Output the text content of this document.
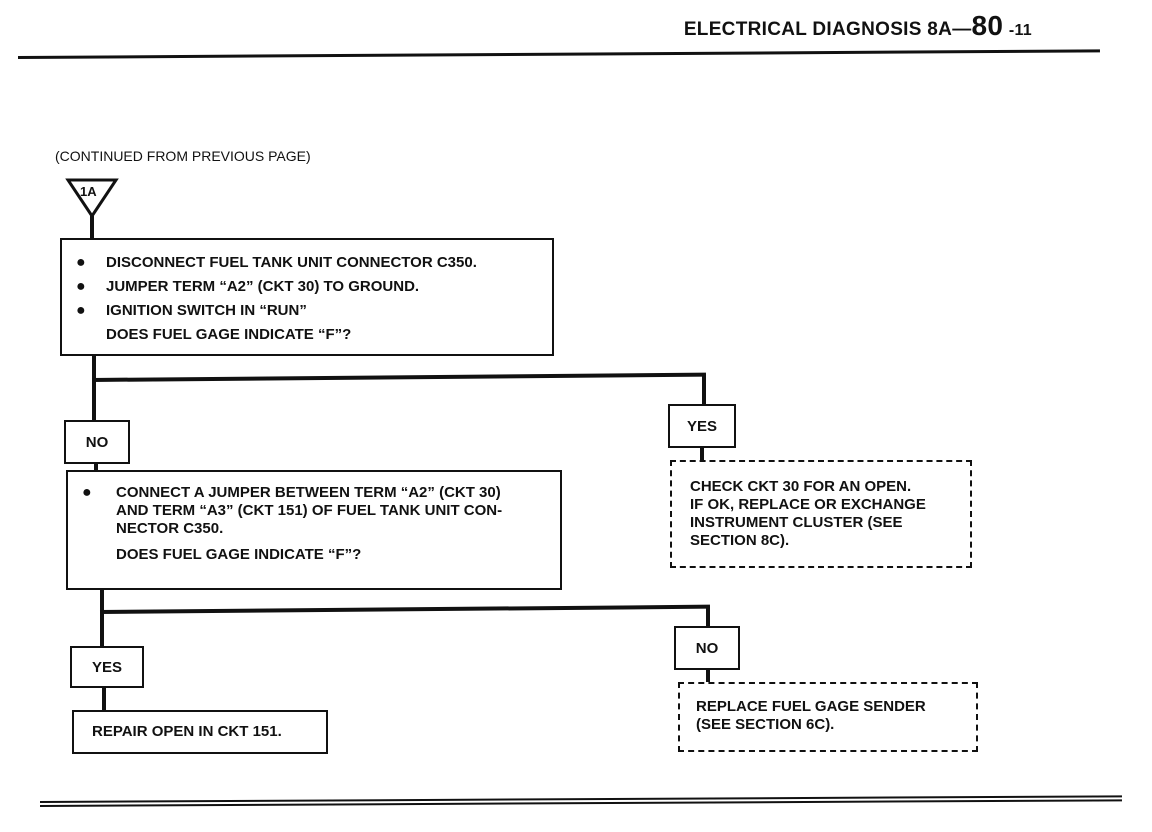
ELECTRICAL DIAGNOSIS 8A—80 -11
(CONTINUED FROM PREVIOUS PAGE)
1A
●	DISCONNECT FUEL TANK UNIT CONNECTOR C350.
●	JUMPER TERM “A2” (CKT 30) TO GROUND.
●	IGNITION SWITCH IN “RUN”
DOES FUEL GAGE INDICATE “F”?
NO
YES
CHECK CKT 30 FOR AN OPEN.
IF OK, REPLACE OR EXCHANGE
INSTRUMENT CLUSTER (SEE
SECTION 8C).
●	CONNECT A JUMPER BETWEEN TERM “A2” (CKT 30)
AND TERM “A3” (CKT 151) OF FUEL TANK UNIT CON-
NECTOR C350.
DOES FUEL GAGE INDICATE “F”?
YES
REPAIR OPEN IN CKT 151.
NO
REPLACE FUEL GAGE SENDER
(SEE SECTION 6C).
